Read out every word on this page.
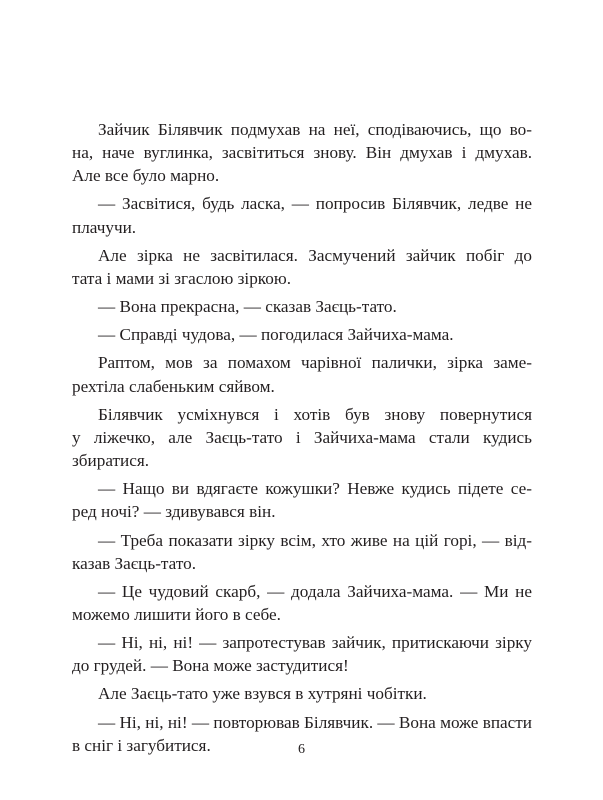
Зайчик Білявчик подмухав на неї, сподіваючись, що во-
на, наче вуглинка, засвітиться знову. Він дмухав і дмухав.
Але все було марно.
— Засвітися, будь ласка, — попросив Білявчик, ледве не
плачучи.
Але зірка не засвітилася. Засмучений зайчик побіг до
тата і мами зі згаслою зіркою.
— Вона прекрасна, — сказав Заєць-тато.
— Справді чудова, — погодилася Зайчиха-мама.
Раптом, мов за помахом чарівної палички, зірка заме-
рехтіла слабеньким сяйвом.
Білявчик усміхнувся і хотів був знову повернутися
у ліжечко, але Заєць-тато і Зайчиха-мама стали кудись
збиратися.
— Нащо ви вдягаєте кожушки? Невже кудись підете се-
ред ночі? — здивувався він.
— Треба показати зірку всім, хто живе на цій горі, — від-
казав Заєць-тато.
— Це чудовий скарб, — додала Зайчиха-мама. — Ми не
можемо лишити його в себе.
— Ні, ні, ні! — запротестував зайчик, притискаючи зірку
до грудей. — Вона може застудитися!
Але Заєць-тато уже взувся в хутряні чобітки.
— Ні, ні, ні! — повторював Білявчик. — Вона може впасти
в сніг і загубитися.	6
